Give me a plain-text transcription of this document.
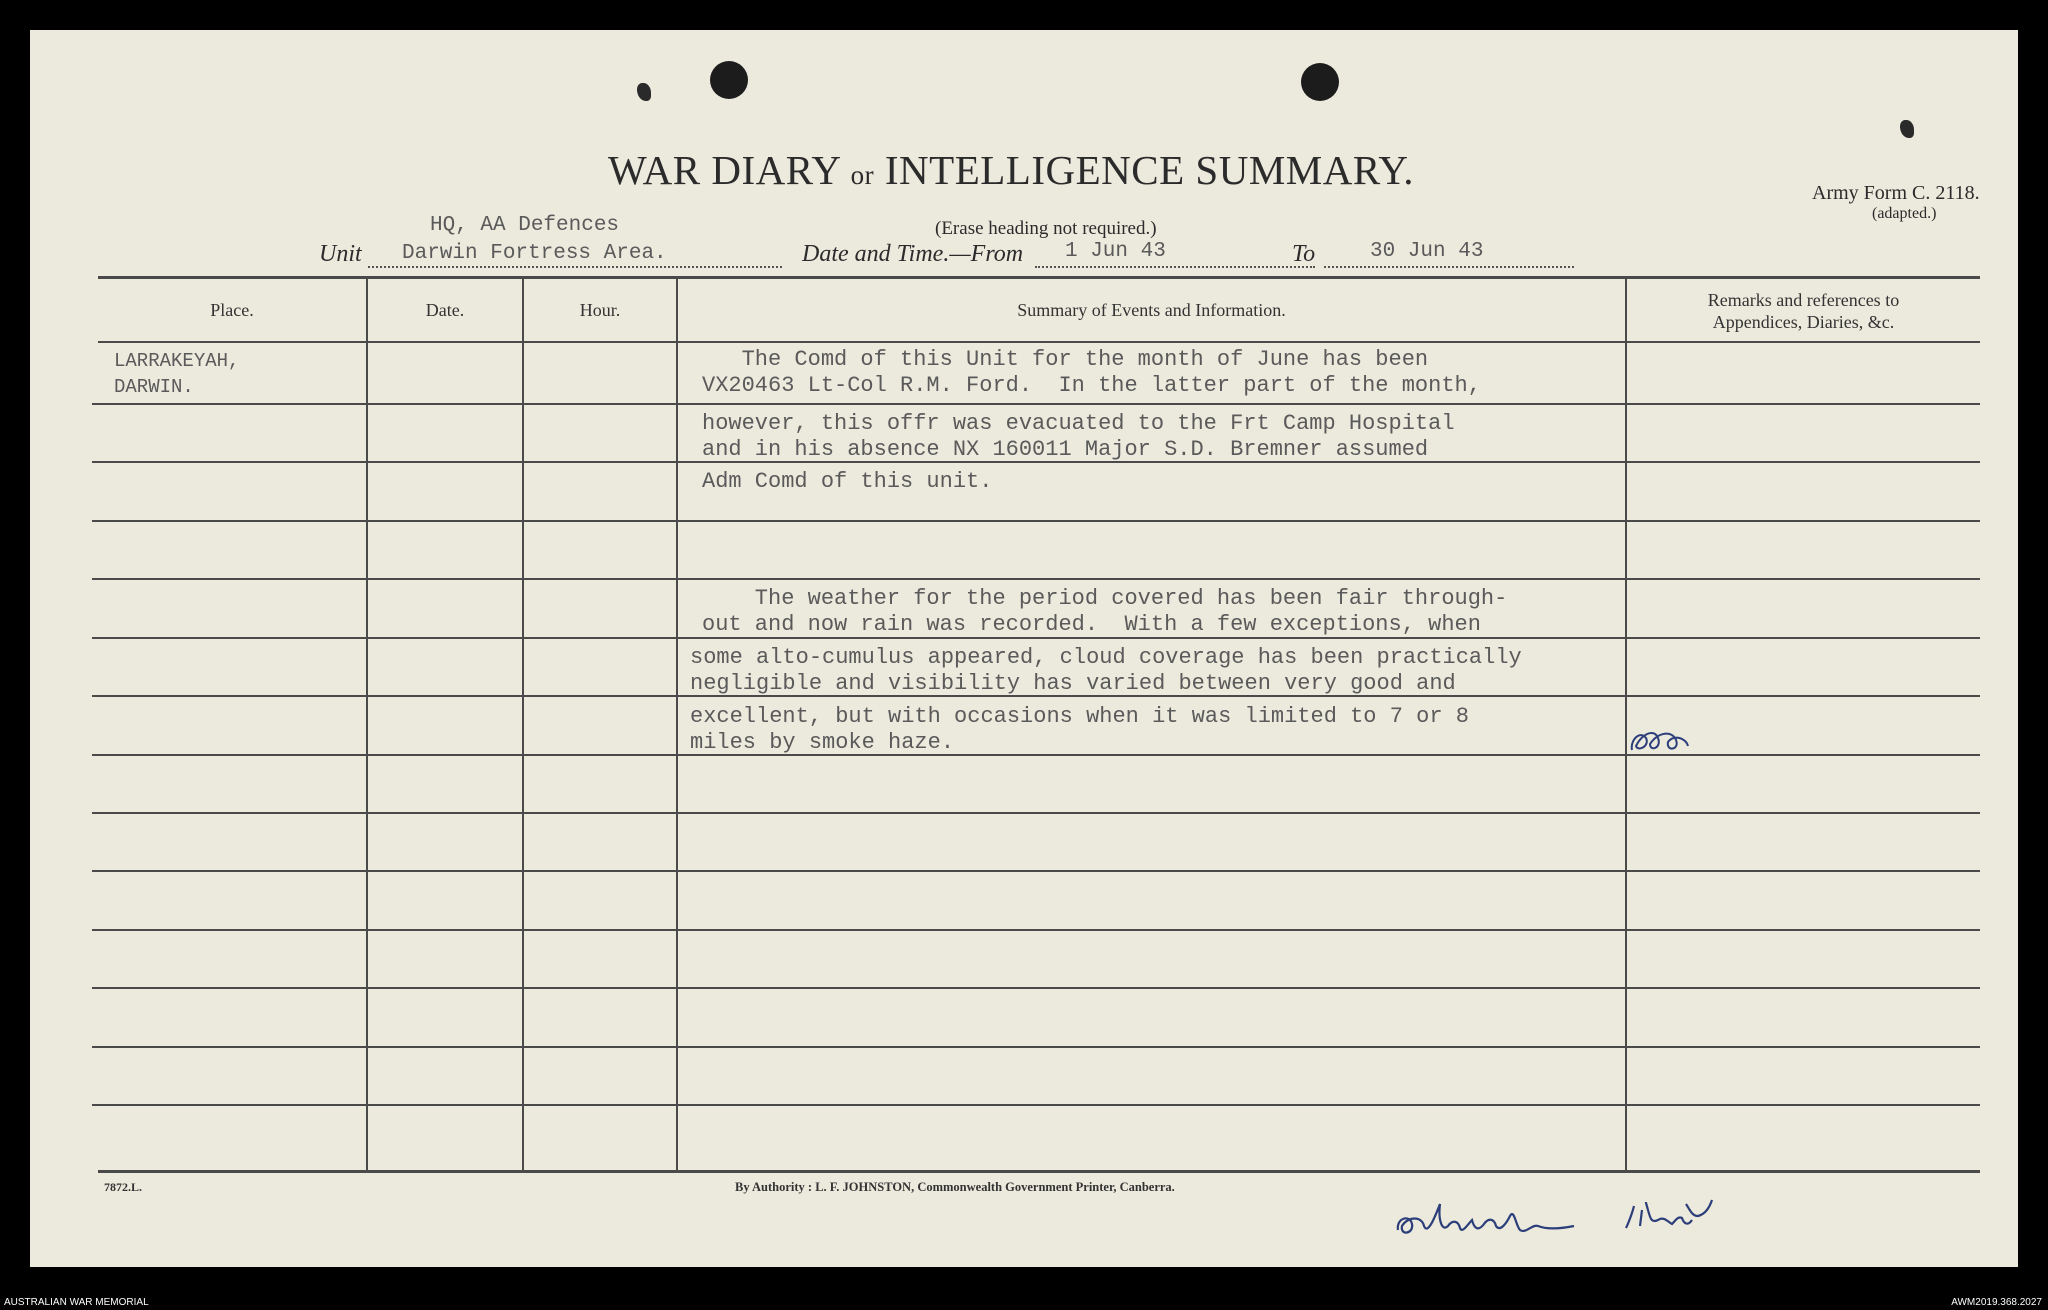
WAR DIARY or INTELLIGENCE SUMMARY.
(Erase heading not required.)
Army Form C. 2118.
(adapted.)
HQ, AA Defences
Unit Darwin Fortress Area.	Date and Time.—From 1 Jun 43	To	30 Jun 43
Place.	Date.	Hour.	Summary of Events and Information.	Remarks and references to
Appendices, Diaries, &c.
LARRAKEYAH,
DARWIN.
The Comd of this Unit for the month of June has been
VX20463 Lt-Col R.M. Ford.  In the latter part of the month,
however, this offr was evacuated to the Frt Camp Hospital
and in his absence NX 160011 Major S.D. Bremner assumed
Adm Comd of this unit.
The weather for the period covered has been fair through-
out and now rain was recorded.  With a few exceptions, when
some alto-cumulus appeared, cloud coverage has been practically
negligible and visibility has varied between very good and
excellent, but with occasions when it was limited to 7 or 8
miles by smoke haze.
7872.L.	By Authority : L. F. JOHNSTON, Commonwealth Government Printer, Canberra.
AUSTRALIAN WAR MEMORIAL	AWM2019.368.2027
